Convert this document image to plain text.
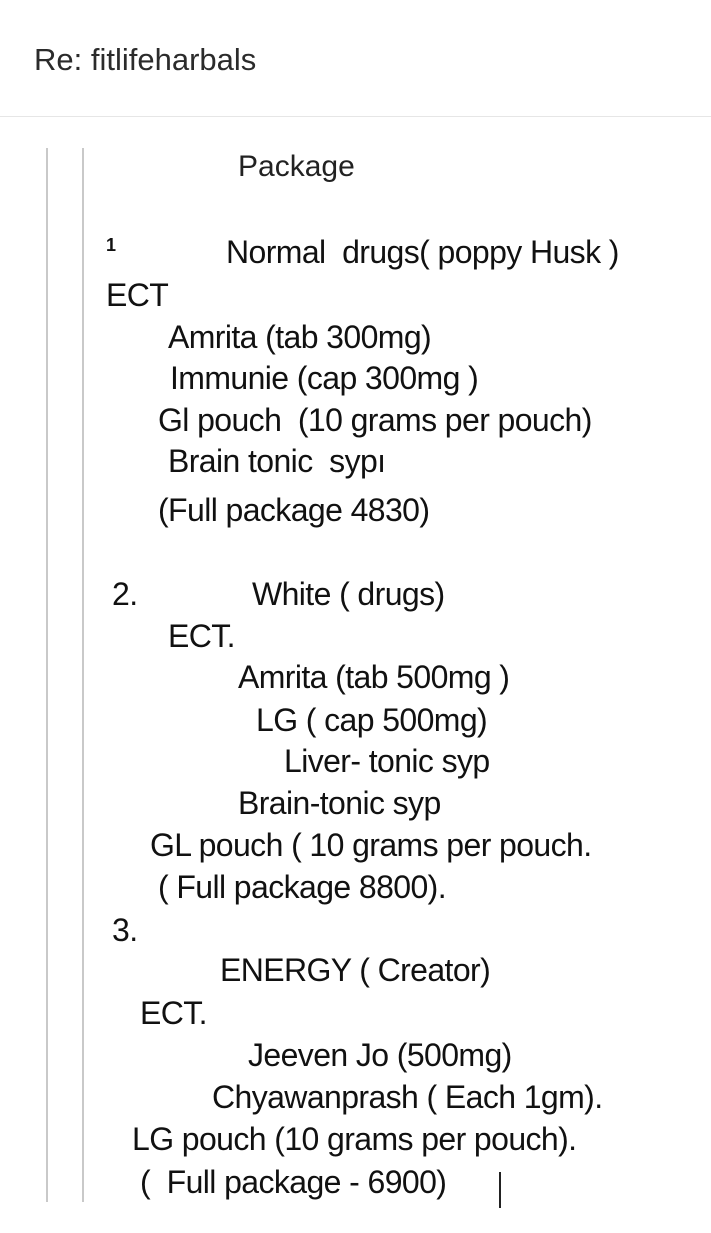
Re: fitlifeharbals
Package
1	Normal  drugs( poppy Husk )
ECT
Amrita (tab 300mg)
Immunie (cap 300mg )
Gl pouch  (10 grams per pouch)
Brain tonic  sypı
(Full package 4830)
2.	White ( drugs)
ECT.
Amrita (tab 500mg )
LG ( cap 500mg)
Liver- tonic syp
Brain-tonic syp
GL pouch ( 10 grams per pouch.
( Full package 8800).
3.
ENERGY ( Creator)
ECT.
Jeeven Jo (500mg)
Chyawanprash ( Each 1gm).
LG pouch (10 grams per pouch).
(  Full package - 6900)
